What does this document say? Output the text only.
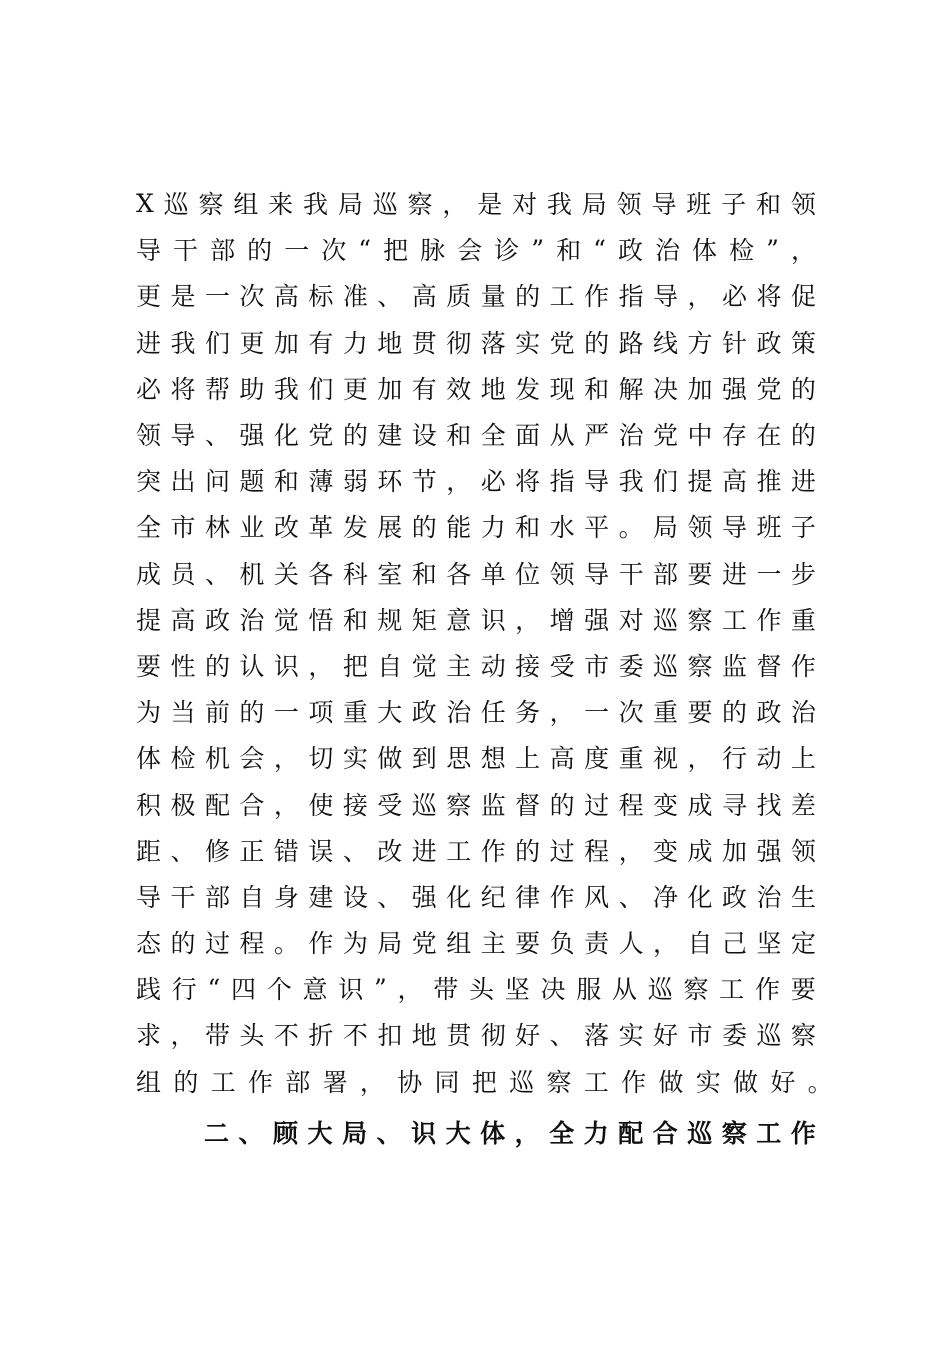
X 巡 察 组 来 我 局 巡 察 ， 是 对 我 局 领 导 班 子 和 领
导 干 部 的 一 次 “ 把 脉 会 诊 ” 和 “ 政 治 体 检 ” ，
更 是 一 次 高 标 准 、 高 质 量 的 工 作 指 导 ， 必 将 促
进 我 们 更 加 有 力 地 贯 彻 落 实 党 的 路 线 方 针 政 策
必 将 帮 助 我 们 更 加 有 效 地 发 现 和 解 决 加 强 党 的
领 导 、 强 化 党 的 建 设 和 全 面 从 严 治 党 中 存 在 的
突 出 问 题 和 薄 弱 环 节 ， 必 将 指 导 我 们 提 高 推 进
全 市 林 业 改 革 发 展 的 能 力 和 水 平 。 局 领 导 班 子
成 员 、 机 关 各 科 室 和 各 单 位 领 导 干 部 要 进 一 步
提 高 政 治 觉 悟 和 规 矩 意 识 ， 增 强 对 巡 察 工 作 重
要 性 的 认 识 ， 把 自 觉 主 动 接 受 市 委 巡 察 监 督 作
为 当 前 的 一 项 重 大 政 治 任 务 ， 一 次 重 要 的 政 治
体 检 机 会 ， 切 实 做 到 思 想 上 高 度 重 视 ， 行 动 上
积 极 配 合 ， 使 接 受 巡 察 监 督 的 过 程 变 成 寻 找 差
距 、 修 正 错 误 、 改 进 工 作 的 过 程 ， 变 成 加 强 领
导 干 部 自 身 建 设 、 强 化 纪 律 作 风 、 净 化 政 治 生
态 的 过 程 。 作 为 局 党 组 主 要 负 责 人 ， 自 己 坚 定
践 行 “ 四 个 意 识 ” ， 带 头 坚 决 服 从 巡 察 工 作 要
求 ， 带 头 不 折 不 扣 地 贯 彻 好 、 落 实 好 市 委 巡 察
组 的 工 作 部 署 ， 协 同 把 巡 察 工 作 做 实 做 好 。
二 、 顾 大 局 、 识 大 体 ， 全 力 配 合 巡 察 工 作
